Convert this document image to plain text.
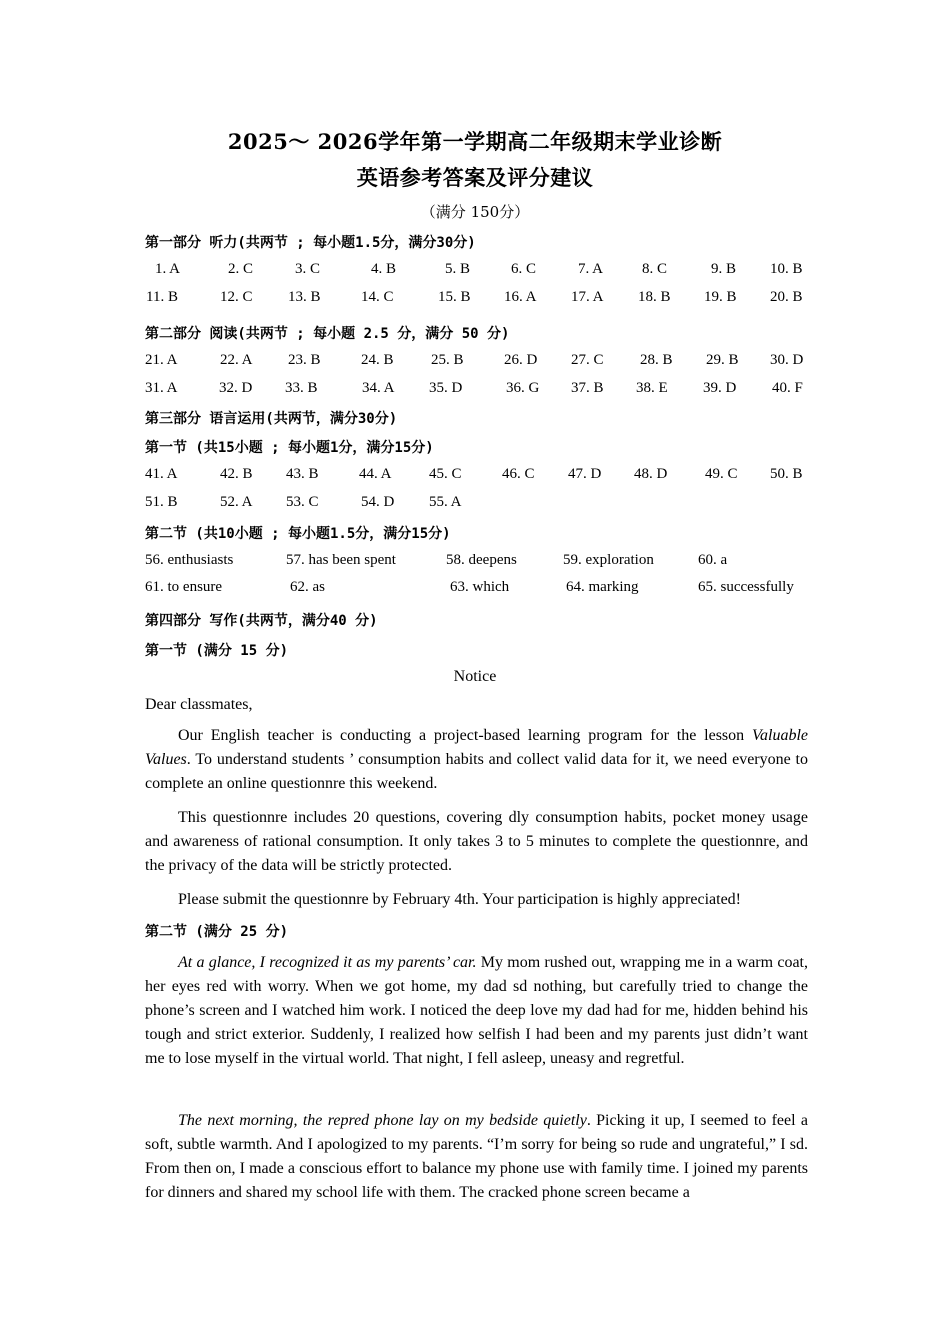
2025～ 2026学年第一学期高二年级期末学业诊断
英语参考答案及评分建议
（满分 150分）
第一部分 听力(共两节 ; 每小题1.5分，满分30分)
1. A	2. C	3. C	4. B	5. B	6. C	7. A	8. C	9. B 10. B
11. B	12. C 13. B	14. C	15. B 16. A 17. A 18. B 19. B 20. B
第二部分 阅读(共两节 ; 每小题 2.5 分，满分 50 分)
21. A	22. A 23. B	24. B 25. B	26. D 27. C 28. B 29. B 30. D
31. A	32. D 33. B	34. A 35. D	36. G 37. B 38. E 39. D 40. F
第三部分 语言运用(共两节，满分30分)
第一节 (共15小题 ; 每小题1分，满分15分)
41. A	42. B 43. B	44. A 45. C	46. C 47. D 48. D	49. C 50. B
51. B	52. A 53. C	54. D 55. A
第二节 (共10小题 ; 每小题1.5分，满分15分)
56. enthusiasts	57. has been spent	58. deepens	59. exploration	60. a
61. to ensure	62. as	63. which	64. marking	65. successfully
第四部分 写作(共两节，满分40 分)
第一节 (满分 15 分)
Notice
Dear classmates,

Our English teacher is conducting a project-based learning program for the lesson Valuable Values. To understand students ’ consumption habits and collect valid data for it, we need everyone to complete an online questionnre this weekend.

This questionnre includes 20 questions, covering dly consumption habits, pocket money usage and awareness of rational consumption. It only takes 3 to 5 minutes to complete the questionnre, and the privacy of the data will be strictly protected.

Please submit the questionnre by February 4th. Your participation is highly appreciated!

第二节 (满分 25 分)

At a glance, I recognized it as my parents’ car. My mom rushed out, wrapping me in a warm coat, her eyes red with worry. When we got home, my dad sd nothing, but carefully tried to change the phone’s screen and I watched him work. I noticed the deep love my dad had for me, hidden behind his tough and strict exterior. Suddenly, I realized how selfish I had been and my parents just didn’t want me to lose myself in the virtual world. That night, I fell asleep, uneasy and regretful.

The next morning, the repred phone lay on my bedside quietly. Picking it up, I seemed to feel a soft, subtle warmth. And I apologized to my parents. “I’m sorry for being so rude and ungrateful,” I sd. From then on, I made a conscious effort to balance my phone use with family time. I joined my parents for dinners and shared my school life with them. The cracked phone screen became a
